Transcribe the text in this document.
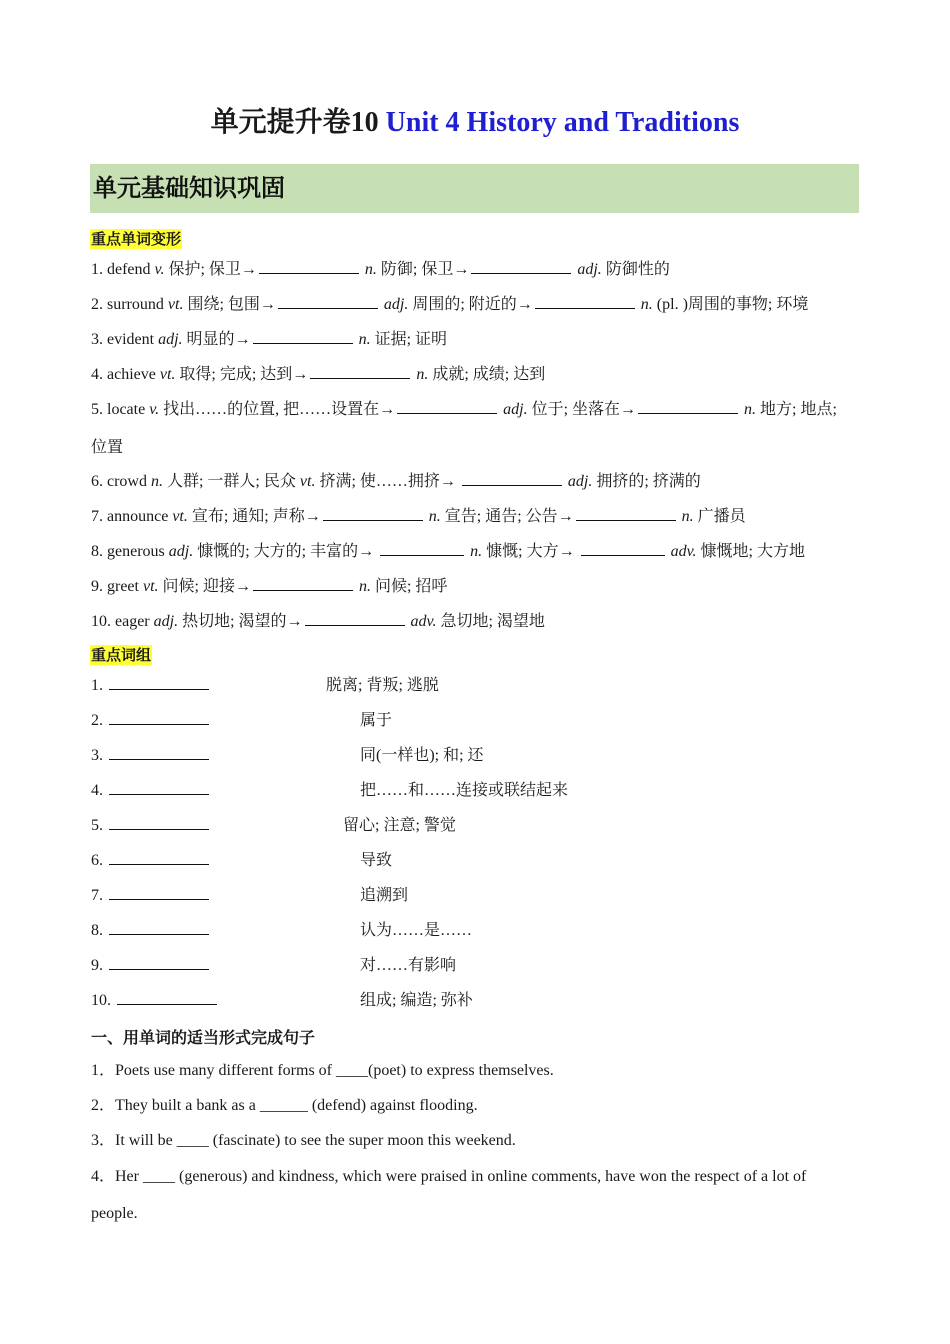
单元提升卷10 Unit 4 History and Traditions
单元基础知识巩固
重点单词变形
1. defend v. 保护; 保卫→	n. 防御; 保卫→	adj. 防御性的
2. surround vt. 围绕; 包围→	adj. 周围的; 附近的→	n. (pl. )周围的事物; 环境
3. evident adj. 明显的→	n. 证据; 证明
4. achieve vt. 取得; 完成; 达到→	n. 成就; 成绩; 达到
5. locate v. 找出……的位置, 把……设置在→	adj. 位于; 坐落在→	n. 地方; 地点;
位置
6. crowd n. 人群; 一群人; 民众 vt. 挤满; 使……拥挤→	adj. 拥挤的; 挤满的
7. announce vt. 宣布; 通知; 声称→	n. 宣告; 通告; 公告→	n. 广播员
8. generous adj. 慷慨的; 大方的; 丰富的→	n. 慷慨; 大方→	adv. 慷慨地; 大方地
9. greet vt. 问候; 迎接→	n. 问候; 招呼
10. eager adj. 热切地; 渴望的→	adv. 急切地; 渴望地
重点词组
1.	脱离; 背叛; 逃脱
2.	属于
3.	同(一样也); 和; 还
4.	把……和……连接或联结起来
5.	留心; 注意; 警觉
6.	导致
7.	追溯到
8.	认为……是……
9.	对……有影响
10.	组成; 编造; 弥补
一、用单词的适当形式完成句子
1．Poets use many different forms of ____(poet) to express themselves.
2．They built a bank as a ______ (defend) against flooding.
3．It will be ____ (fascinate) to see the super moon this weekend.
4．Her ____ (generous) and kindness, which were praised in online comments, have won the respect of a lot of
people.
